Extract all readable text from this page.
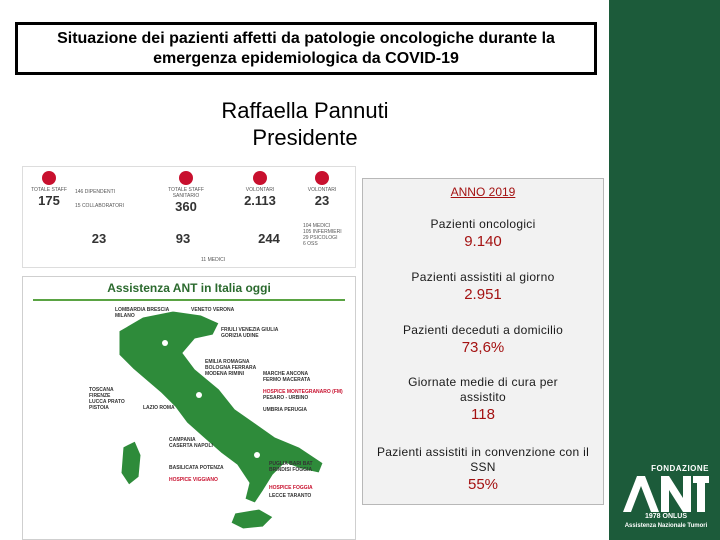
FONDAZIONE
1978 ONLUS
Assistenza Nazionale Tumori
Situazione dei pazienti affetti da patologie oncologiche durante la emergenza epidemiologica da COVID-19
Raffaella Pannuti
Presidente
TOTALE STAFF
175
146 DIPENDENTI
15 COLLABORATORI
TOTALE STAFF SANITARIO
360
VOLONTARI
2.113
VOLONTARI
23
23	93	244
104 MEDICI
105 INFERMIERI
29 PSICOLOGI
6 OSS
11 MEDICI
Assistenza ANT in Italia oggi
LOMBARDIA BRESCIA MILANO
VENETO VERONA
FRIULI VENEZIA GIULIA GORIZIA UDINE
EMILIA ROMAGNA BOLOGNA FERRARA MODENA RIMINI	MARCHE ANCONA FERMO MACERATA
HOSPICE MONTEGRANARO (FM)
PESARO - URBINO
UMBRIA PERUGIA
TOSCANA FIRENZE LUCCA PRATO PISTOIA	LAZIO ROMA
CAMPANIA CASERTA NAPOLI
BASILICATA POTENZA
HOSPICE VIGGIANO
PUGLIA BARI BAT BRINDISI FOGGIA
HOSPICE FOGGIA
LECCE TARANTO
ANNO 2019
Pazienti oncologici
9.140
Pazienti assistiti al giorno
2.951
Pazienti deceduti a domicilio
73,6%
Giornate medie di cura per assistito
118
Pazienti assistiti in convenzione con il SSN
55%
